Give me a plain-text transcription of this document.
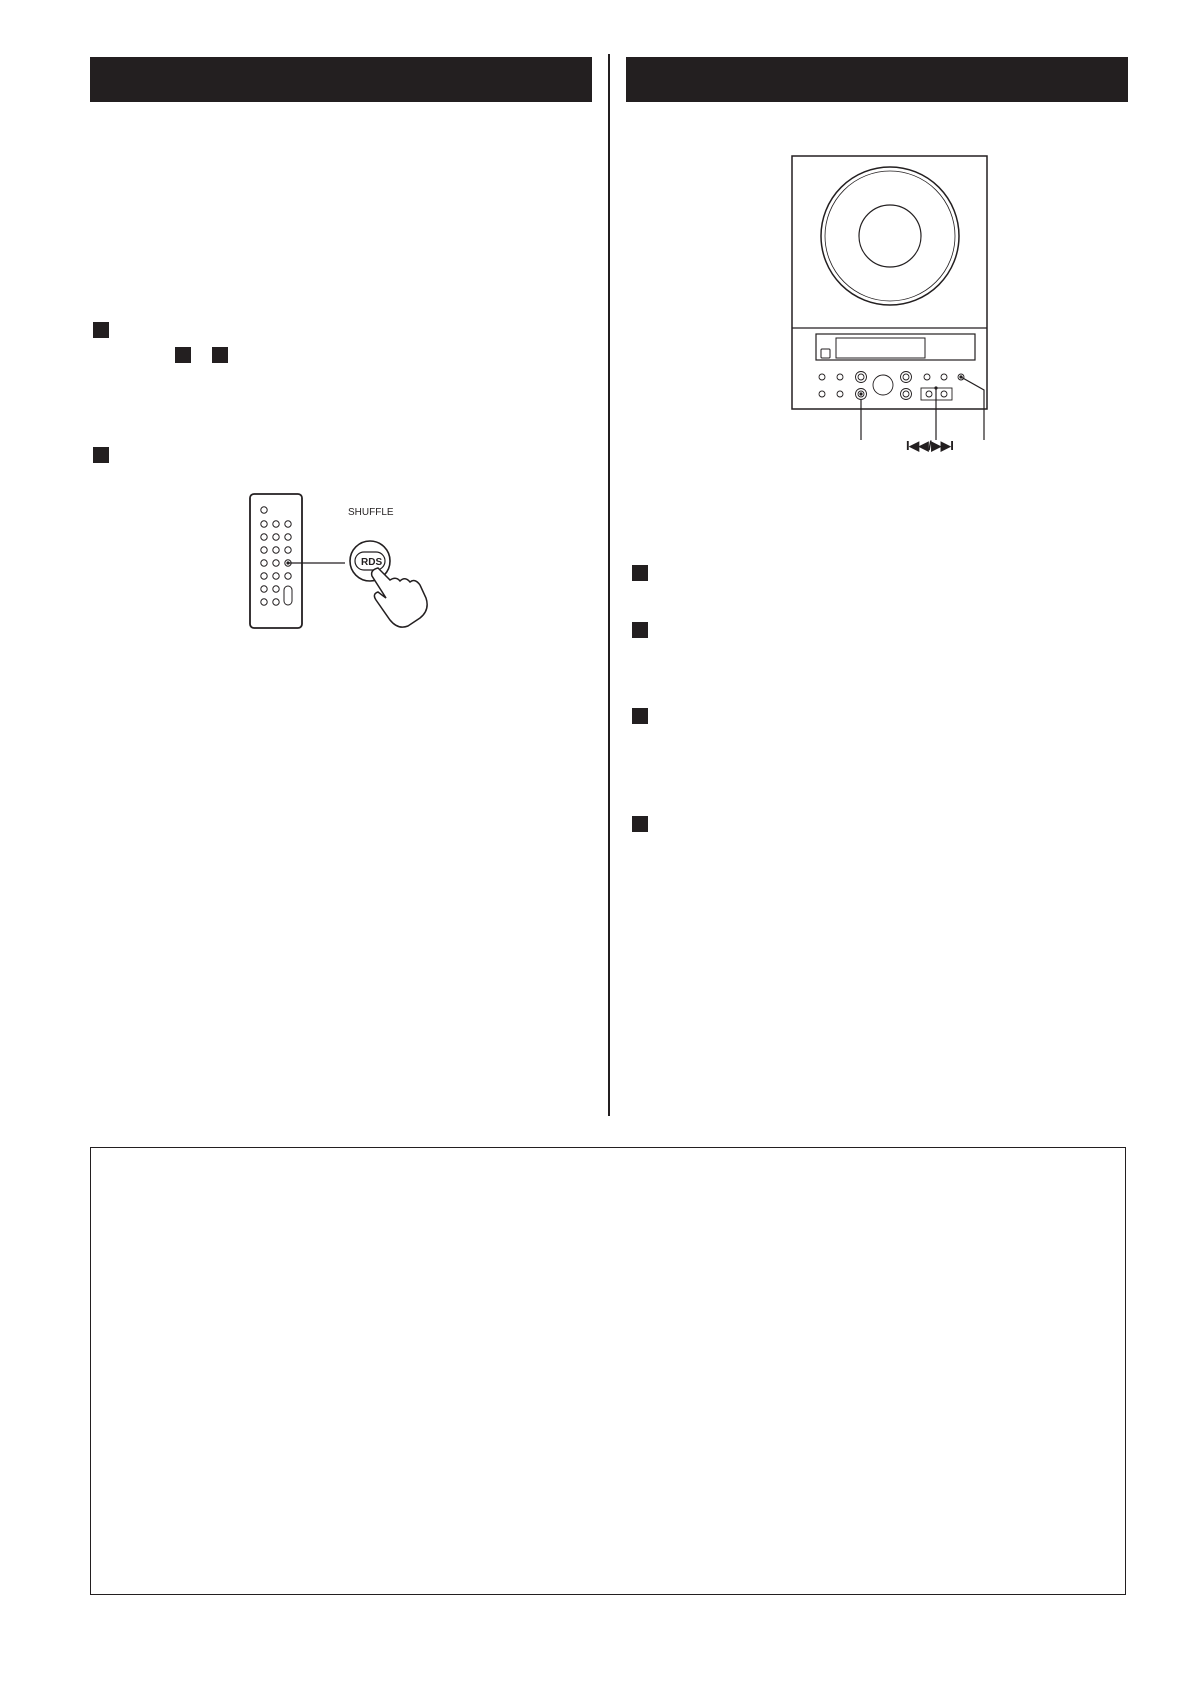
SHUFFLE
RDS
I◀◀/▶▶I
